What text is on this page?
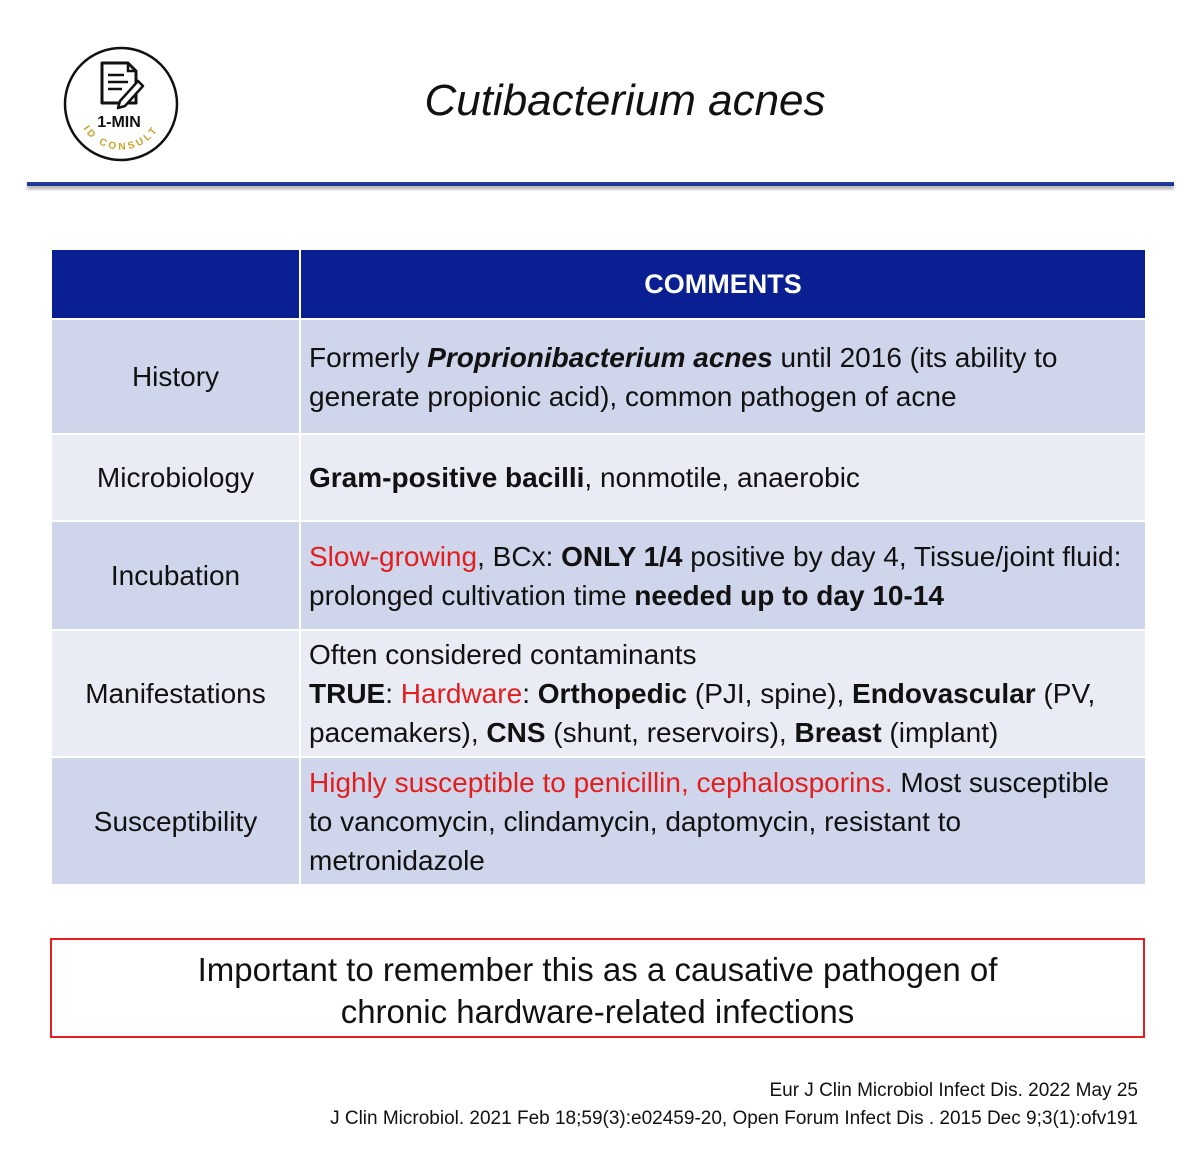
1-MIN
ID CONSULT
Cutibacterium acnes
	COMMENTS
History	Formerly Proprionibacterium acnes until 2016 (its ability to generate propionic acid), common pathogen of acne
Microbiology	Gram-positive bacilli, nonmotile, anaerobic
Incubation	Slow-growing, BCx: ONLY 1/4 positive by day 4, Tissue/joint fluid: prolonged cultivation time needed up to day 10-14
Manifestations	Often considered contaminants
TRUE: Hardware: Orthopedic (PJI, spine), Endovascular (PV, pacemakers), CNS (shunt, reservoirs), Breast (implant)
Susceptibility	Highly susceptible to penicillin, cephalosporins. Most susceptible to vancomycin, clindamycin, daptomycin, resistant to metronidazole
Important to remember this as a causative pathogen of
chronic hardware-related infections
Eur J Clin Microbiol Infect Dis. 2022 May 25
J Clin Microbiol. 2021 Feb 18;59(3):e02459-20, Open Forum Infect Dis . 2015 Dec 9;3(1):ofv191
